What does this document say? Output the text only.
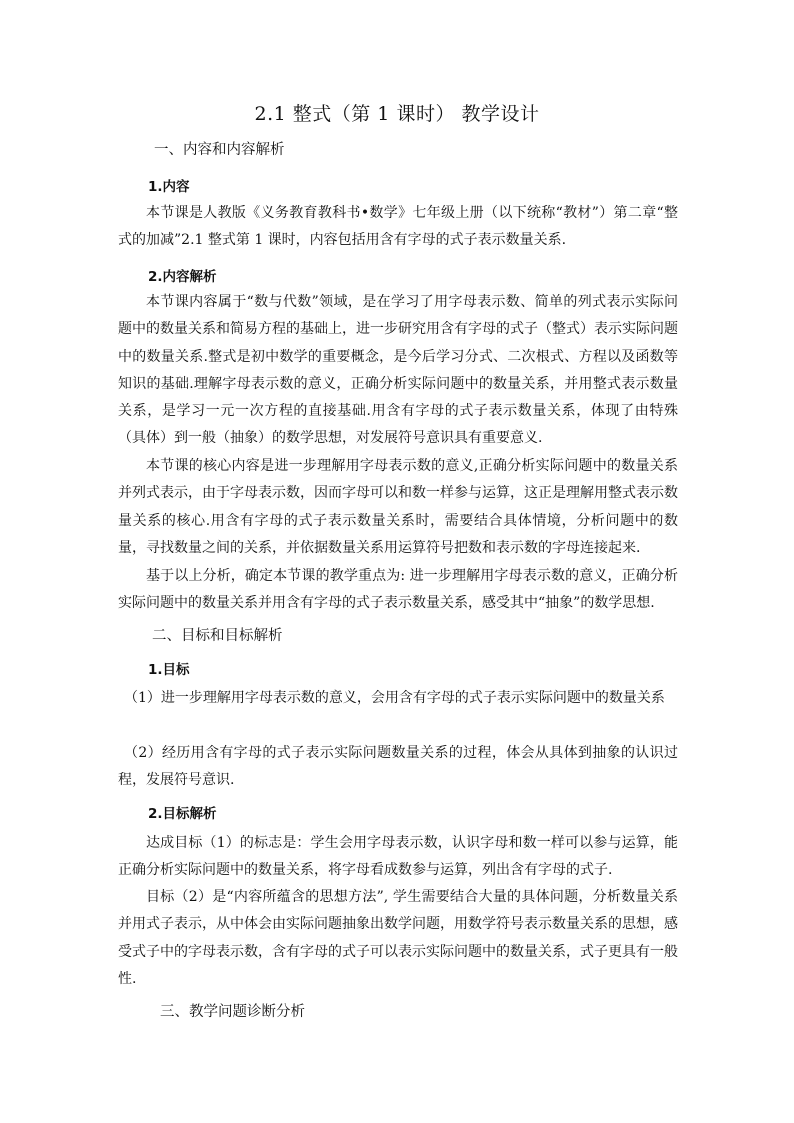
2.1 整式（第 1 课时） 教学设计
一、内容和内容解析
1.内容
本节课是人教版《义务教育教科书•数学》七年级上册（以下统称“教材”）第二章“整式的加减”2.1 整式第 1 课时，内容包括用含有字母的式子表示数量关系.
2.内容解析
本节课内容属于“数与代数”领域，是在学习了用字母表示数、简单的列式表示实际问题中的数量关系和简易方程的基础上，进一步研究用含有字母的式子（整式）表示实际问题中的数量关系.整式是初中数学的重要概念，是今后学习分式、二次根式、方程以及函数等知识的基础.理解字母表示数的意义，正确分析实际问题中的数量关系，并用整式表示数量关系，是学习一元一次方程的直接基础.用含有字母的式子表示数量关系，体现了由特殊（具体）到一般（抽象）的数学思想，对发展符号意识具有重要意义.
本节课的核心内容是进一步理解用字母表示数的意义,正确分析实际问题中的数量关系并列式表示，由于字母表示数，因而字母可以和数一样参与运算，这正是理解用整式表示数量关系的核心.用含有字母的式子表示数量关系时，需要结合具体情境，分析问题中的数量，寻找数量之间的关系，并依据数量关系用运算符号把数和表示数的字母连接起来.
基于以上分析，确定本节课的教学重点为: 进一步理解用字母表示数的意义，正确分析实际问题中的数量关系并用含有字母的式子表示数量关系，感受其中“抽象”的数学思想.
二、目标和目标解析
1.目标
（1）进一步理解用字母表示数的意义，会用含有字母的式子表示实际问题中的数量关系
（2）经历用含有字母的式子表示实际问题数量关系的过程，体会从具体到抽象的认识过程，发展符号意识.
2.目标解析
达成目标（1）的标志是：学生会用字母表示数，认识字母和数一样可以参与运算，能正确分析实际问题中的数量关系，将字母看成数参与运算，列出含有字母的式子.
目标（2）是“内容所蕴含的思想方法”, 学生需要结合大量的具体问题，分析数量关系并用式子表示，从中体会由实际问题抽象出数学问题，用数学符号表示数量关系的思想，感受式子中的字母表示数，含有字母的式子可以表示实际问题中的数量关系，式子更具有一般性.
三、教学问题诊断分析
